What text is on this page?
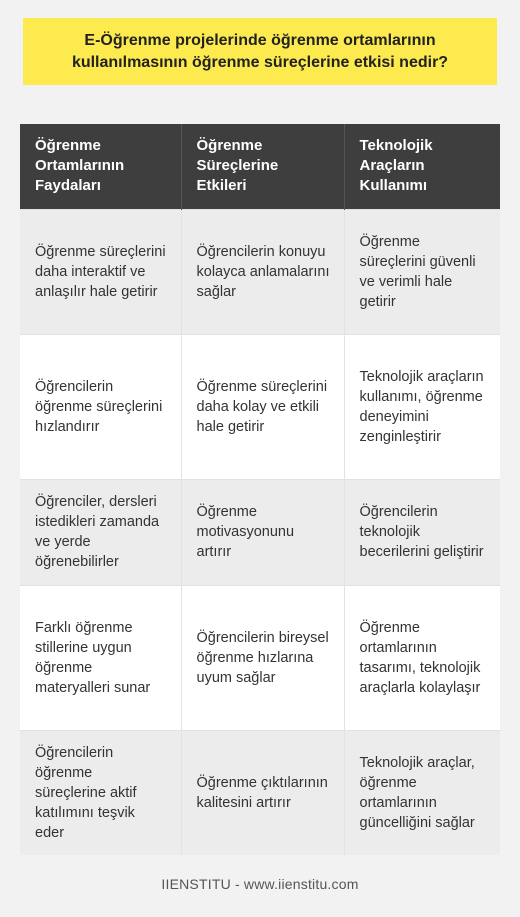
E-Öğrenme projelerinde öğrenme ortamlarının kullanılmasının öğrenme süreçlerine etkisi nedir?
Öğrenme Ortamlarının Faydaları	Öğrenme Süreçlerine Etkileri	Teknolojik Araçların Kullanımı
Öğrenme süreçlerini daha interaktif ve anlaşılır hale getirir	Öğrencilerin konuyu kolayca anlamalarını sağlar	Öğrenme süreçlerini güvenli ve verimli hale getirir
Öğrencilerin öğrenme süreçlerini hızlandırır	Öğrenme süreçlerini daha kolay ve etkili hale getirir	Teknolojik araçların kullanımı, öğrenme deneyimini zenginleştirir
Öğrenciler, dersleri istedikleri zamanda ve yerde öğrenebilirler	Öğrenme motivasyonunu artırır	Öğrencilerin teknolojik becerilerini geliştirir
Farklı öğrenme stillerine uygun öğrenme materyalleri sunar	Öğrencilerin bireysel öğrenme hızlarına uyum sağlar	Öğrenme ortamlarının tasarımı, teknolojik araçlarla kolaylaşır
Öğrencilerin öğrenme süreçlerine aktif katılımını teşvik eder	Öğrenme çıktılarının kalitesini artırır	Teknolojik araçlar, öğrenme ortamlarının güncelliğini sağlar
IIENSTITU - www.iienstitu.com
